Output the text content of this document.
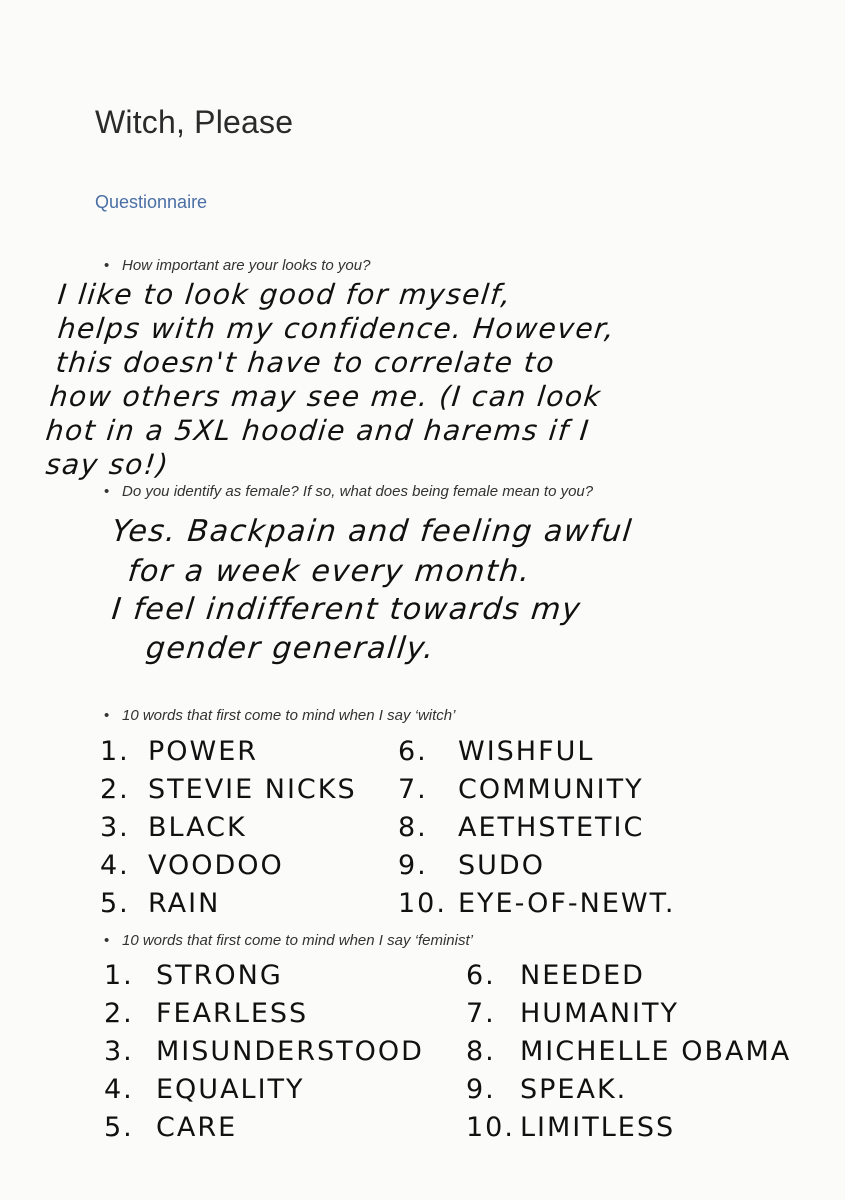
Witch, Please
Questionnaire
• How important are your looks to you?
I like to look good for myself,
helps with my confidence. However,
this doesn't have to correlate to
how others may see me. (I can look
hot in a 5XL hoodie and harems if I
say so!)
• Do you identify as female? If so, what does being female mean to you?
Yes. Backpain and feeling awful
for a week every month.
I feel indifferent towards my
gender generally.
• 10 words that first come to mind when I say ‘witch’
1. POWER
2. STEVIE NICKS
3. BLACK
4. VOODOO
5. RAIN
6. WISHFUL
7. COMMUNITY
8. AETHSTETIC
9. SUDO
10. EYE-OF-NEWT.
• 10 words that first come to mind when I say ‘feminist’
1. STRONG
2. FEARLESS
3. MISUNDERSTOOD
4. EQUALITY
5. CARE
6. NEEDED
7. HUMANITY
8. MICHELLE OBAMA
9. SPEAK.
10. LIMITLESS
